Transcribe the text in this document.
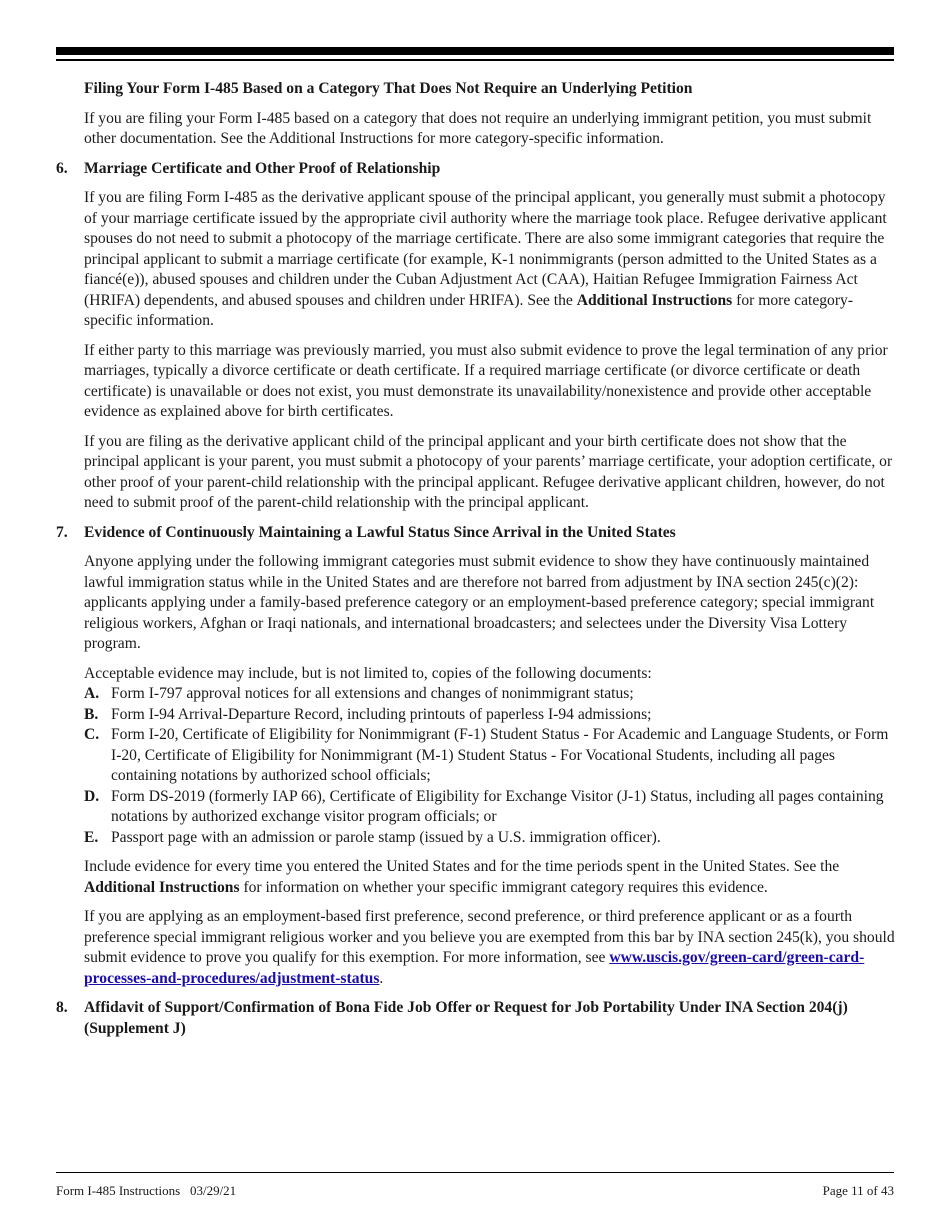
Filing Your Form I-485 Based on a Category That Does Not Require an Underlying Petition

If you are filing your Form I-485 based on a category that does not require an underlying immigrant petition, you must submit other documentation. See the Additional Instructions for more category-specific information.

6.	Marriage Certificate and Other Proof of Relationship

If you are filing Form I-485 as the derivative applicant spouse of the principal applicant, you generally must submit a photocopy of your marriage certificate issued by the appropriate civil authority where the marriage took place. Refugee derivative applicant spouses do not need to submit a photocopy of the marriage certificate. There are also some immigrant categories that require the principal applicant to submit a marriage certificate (for example, K-1 nonimmigrants (person admitted to the United States as a fiancé(e)), abused spouses and children under the Cuban Adjustment Act (CAA), Haitian Refugee Immigration Fairness Act (HRIFA) dependents, and abused spouses and children under HRIFA). See the Additional Instructions for more category-specific information.

If either party to this marriage was previously married, you must also submit evidence to prove the legal termination of any prior marriages, typically a divorce certificate or death certificate. If a required marriage certificate (or divorce certificate or death certificate) is unavailable or does not exist, you must demonstrate its unavailability/nonexistence and provide other acceptable evidence as explained above for birth certificates.

If you are filing as the derivative applicant child of the principal applicant and your birth certificate does not show that the principal applicant is your parent, you must submit a photocopy of your parents’ marriage certificate, your adoption certificate, or other proof of your parent-child relationship with the principal applicant. Refugee derivative applicant children, however, do not need to submit proof of the parent-child relationship with the principal applicant.

7.	Evidence of Continuously Maintaining a Lawful Status Since Arrival in the United States

Anyone applying under the following immigrant categories must submit evidence to show they have continuously maintained lawful immigration status while in the United States and are therefore not barred from adjustment by INA section 245(c)(2): applicants applying under a family-based preference category or an employment-based preference category; special immigrant religious workers, Afghan or Iraqi nationals, and international broadcasters; and selectees under the Diversity Visa Lottery program.

Acceptable evidence may include, but is not limited to, copies of the following documents:

A. Form I-797 approval notices for all extensions and changes of nonimmigrant status;
B. Form I-94 Arrival-Departure Record, including printouts of paperless I-94 admissions;
C. Form I-20, Certificate of Eligibility for Nonimmigrant (F-1) Student Status - For Academic and Language Students, or Form I-20, Certificate of Eligibility for Nonimmigrant (M-1) Student Status - For Vocational Students, including all pages containing notations by authorized school officials;
D. Form DS-2019 (formerly IAP 66), Certificate of Eligibility for Exchange Visitor (J-1) Status, including all pages containing notations by authorized exchange visitor program officials; or
E. Passport page with an admission or parole stamp (issued by a U.S. immigration officer).

Include evidence for every time you entered the United States and for the time periods spent in the United States. See the Additional Instructions for information on whether your specific immigrant category requires this evidence.

If you are applying as an employment-based first preference, second preference, or third preference applicant or as a fourth preference special immigrant religious worker and you believe you are exempted from this bar by INA section 245(k), you should submit evidence to prove you qualify for this exemption. For more information, see www.uscis.gov/green-card/green-card-processes-and-procedures/adjustment-status.

8.	Affidavit of Support/Confirmation of Bona Fide Job Offer or Request for Job Portability Under INA Section 204(j) (Supplement J)
Form I-485 Instructions   03/29/21	Page 11 of 43
